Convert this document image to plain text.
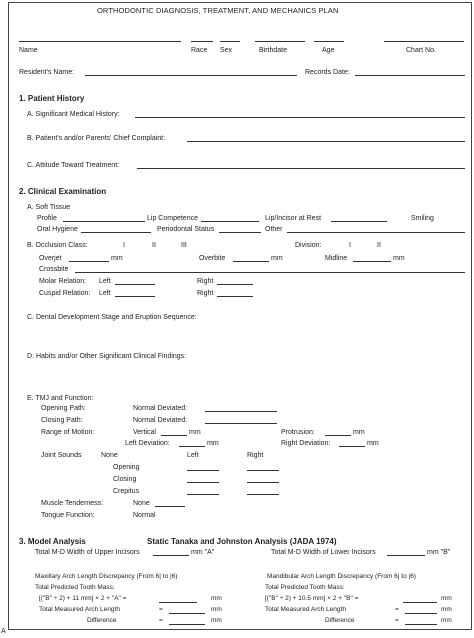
ORTHODONTIC DIAGNOSIS, TREATMENT, AND MECHANICS PLAN
Name	Race Sex	Birthdate	Age	Chart No.
Resident's Name:	Records Date:
1. Patient History
A. Significant Medical History:
B. Patient's and/or Parents' Chief Complaint:
C. Attitude Toward Treatment:
2. Clinical Examination
A. Soft Tissue
Profile	Lip Competence	Lip/Incisor at Rest	Smiling
Oral Hygiene	Periodontal Status	Other
B. Occlusion Class:	I	II	III	Division:	I	II
Overjet	mm	Overbite	mm	Midline	mm
Crossbite
Molar Relation: Left	Right
Cuspid Relation: Left	Right
C. Dental Development Stage and Eruption Sequence:
D. Habits and/or Other Significant Clinical Findings:
E. TMJ and Function:
Opening Path:	Normal Deviated:
Closing Path:	Normal Deviated:
Range of Motion:	Vertical	mm	Protrusion:	mm
Left Deviation:	mm	Right Deviation:	mm
Joint Sounds	None	Left	Right
Opening
Closing
Crepitus
Muscle Tenderness:	None
Tongue Function:	Normal
3. Model Analysis	Static Tanaka and Johnston Analysis (JADA 1974)
Total M-D Width of Upper Incisors	mm "A"	Total M-D Width of Lower Incisors	mm "B"
Maxillary Arch Length Discrepancy (From 6| to |6)	Mandibular Arch Length Discrepancy (From 6| to |6)
Total Predicted Tooth Mass:	Total Predicted Tooth Mass:
[("B" ÷ 2) + 11 mm] × 2 + "A" =	mm	[("B" ÷ 2) + 10.5 mm] × 2 + "B" =	mm
Total Measured Arch Length	=	mm	Total Measured Arch Length	=	mm
Difference	=	mm	Difference	=	mm
A
